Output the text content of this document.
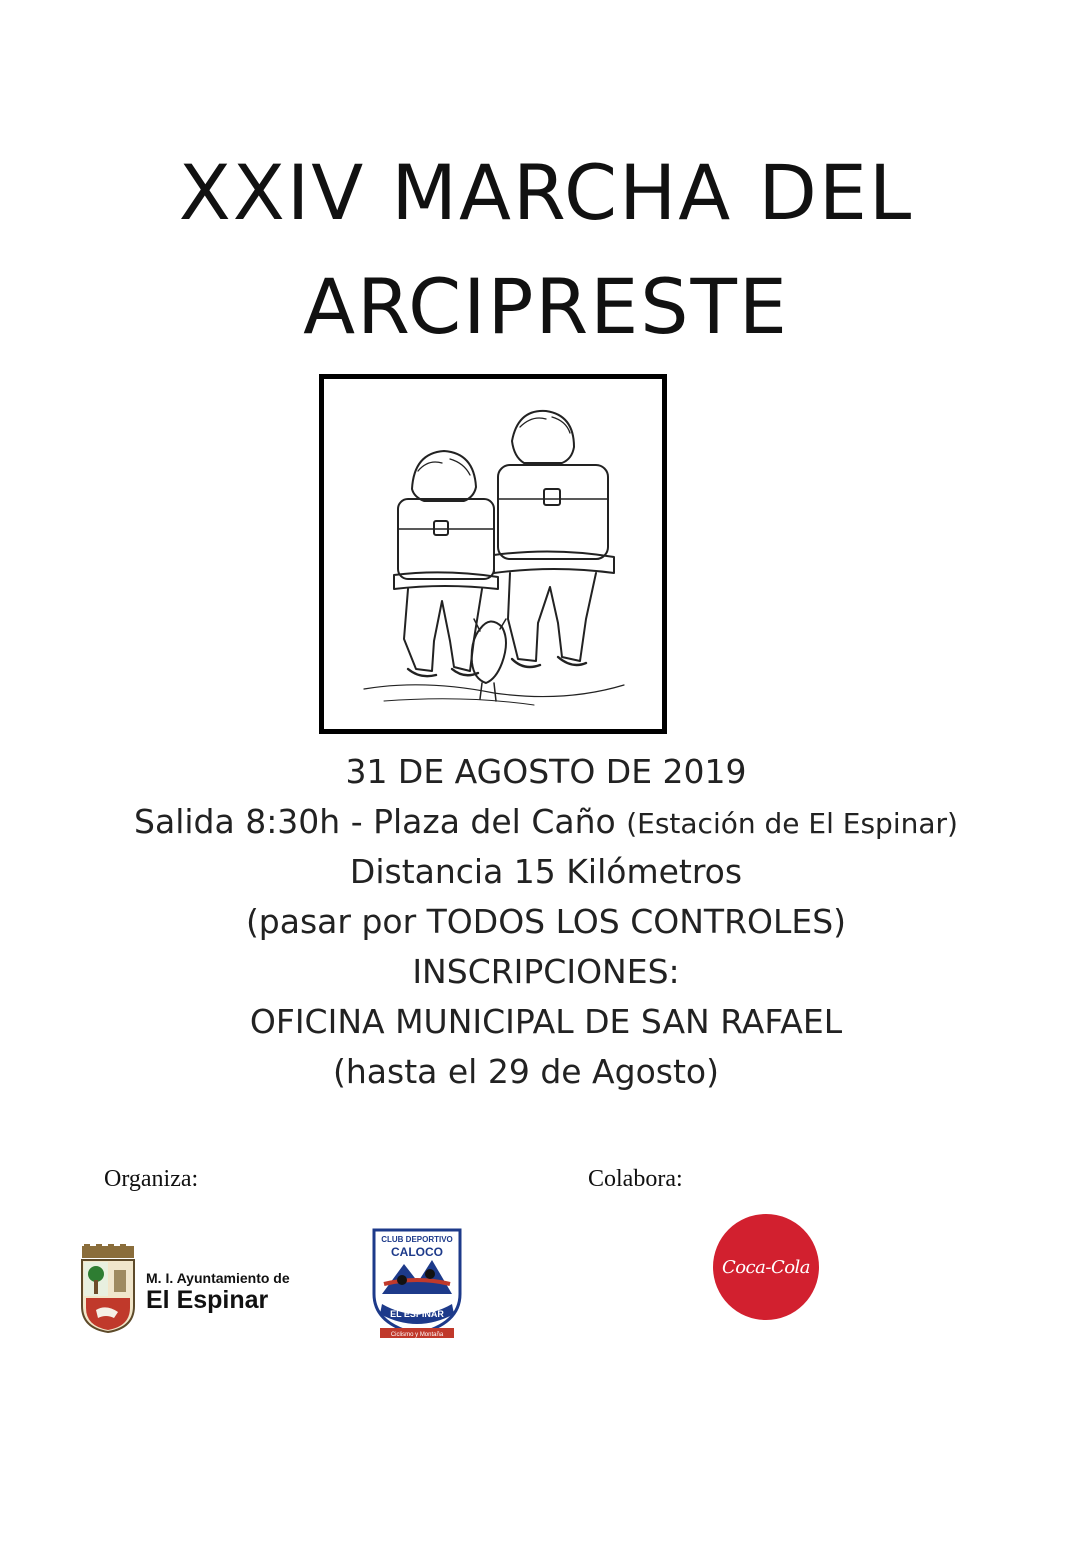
XXIV MARCHA DEL
ARCIPRESTE
31 DE AGOSTO DE 2019
Salida 8:30h - Plaza del Caño (Estación de El Espinar)
Distancia 15 Kilómetros
(pasar por TODOS LOS CONTROLES)
INSCRIPCIONES:
OFICINA MUNICIPAL DE SAN RAFAEL
(hasta el 29 de Agosto)
Organiza:	Colabora:
M. I. Ayuntamiento de
El Espinar
CLUB DEPORTIVO
CALOCO
EL ESPINAR
Ciclismo y Montaña
Coca-Cola
